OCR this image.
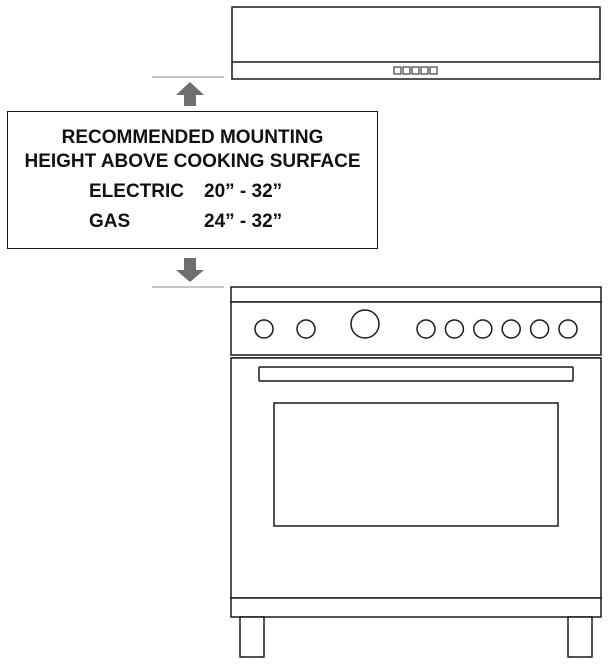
RECOMMENDED MOUNTING
HEIGHT ABOVE COOKING SURFACE
ELECTRIC 20” - 32”
GAS	24” - 32”
